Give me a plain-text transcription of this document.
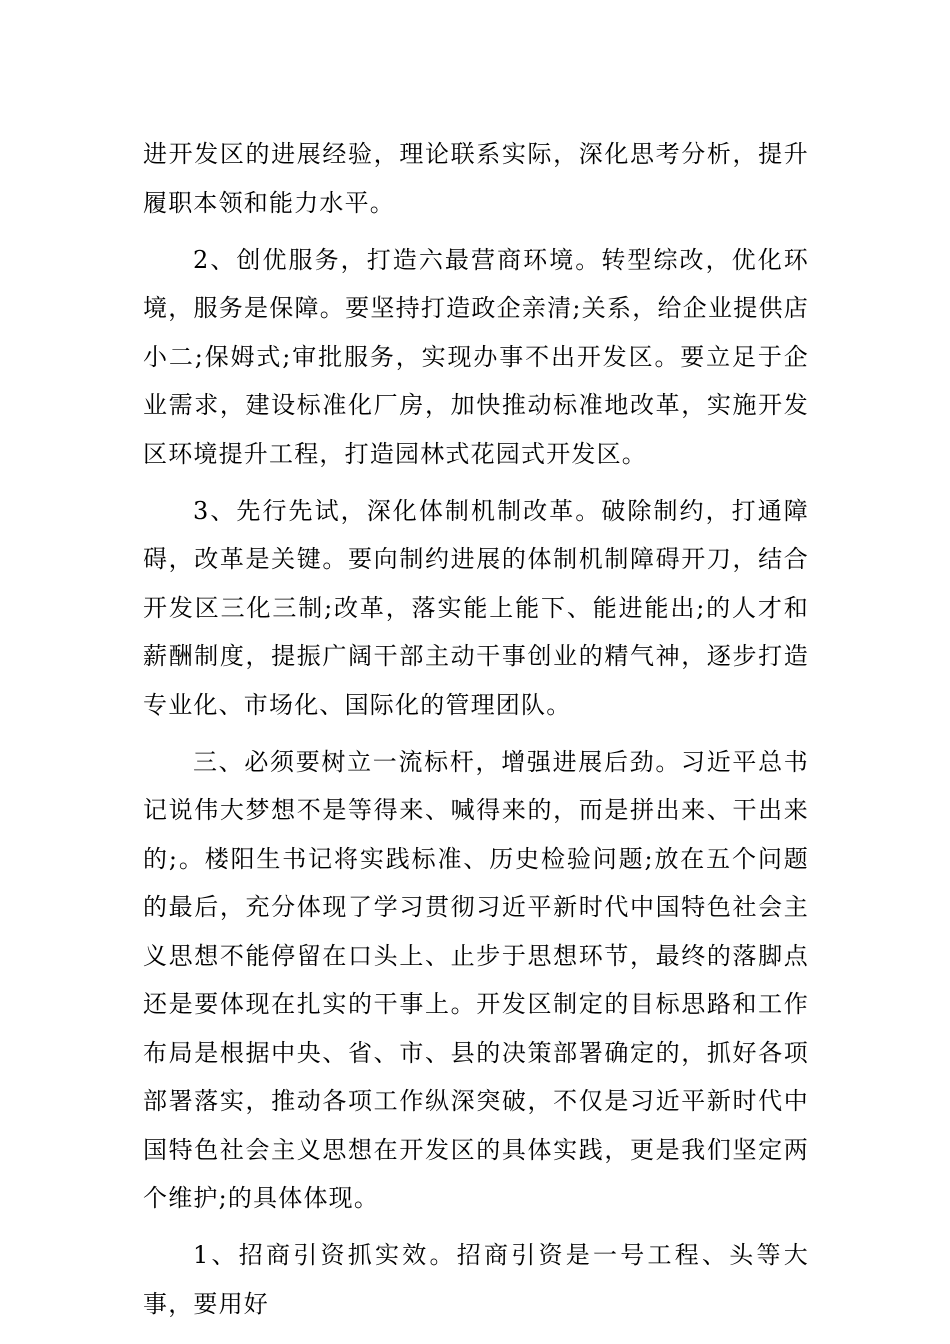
进开发区的进展经验，理论联系实际，深化思考分析，提升履职本领和能力水平。

2、创优服务，打造六最营商环境。转型综改，优化环境，服务是保障。要坚持打造政企亲清;关系，给企业提供店小二;保姆式;审批服务，实现办事不出开发区。要立足于企业需求，建设标准化厂房，加快推动标准地改革，实施开发区环境提升工程，打造园林式花园式开发区。

3、先行先试，深化体制机制改革。破除制约，打通障碍，改革是关键。要向制约进展的体制机制障碍开刀，结合开发区三化三制;改革，落实能上能下、能进能出;的人才和薪酬制度，提振广阔干部主动干事创业的精气神，逐步打造专业化、市场化、国际化的管理团队。

三、必须要树立一流标杆，增强进展后劲。习近平总书记说伟大梦想不是等得来、喊得来的，而是拼出来、干出来的;。楼阳生书记将实践标准、历史检验问题;放在五个问题的最后，充分体现了学习贯彻习近平新时代中国特色社会主义思想不能停留在口头上、止步于思想环节，最终的落脚点还是要体现在扎实的干事上。开发区制定的目标思路和工作布局是根据中央、省、市、县的决策部署确定的，抓好各项部署落实，推动各项工作纵深突破，不仅是习近平新时代中国特色社会主义思想在开发区的具体实践，更是我们坚定两个维护;的具体体现。

1、招商引资抓实效。招商引资是一号工程、头等大事，要用好
